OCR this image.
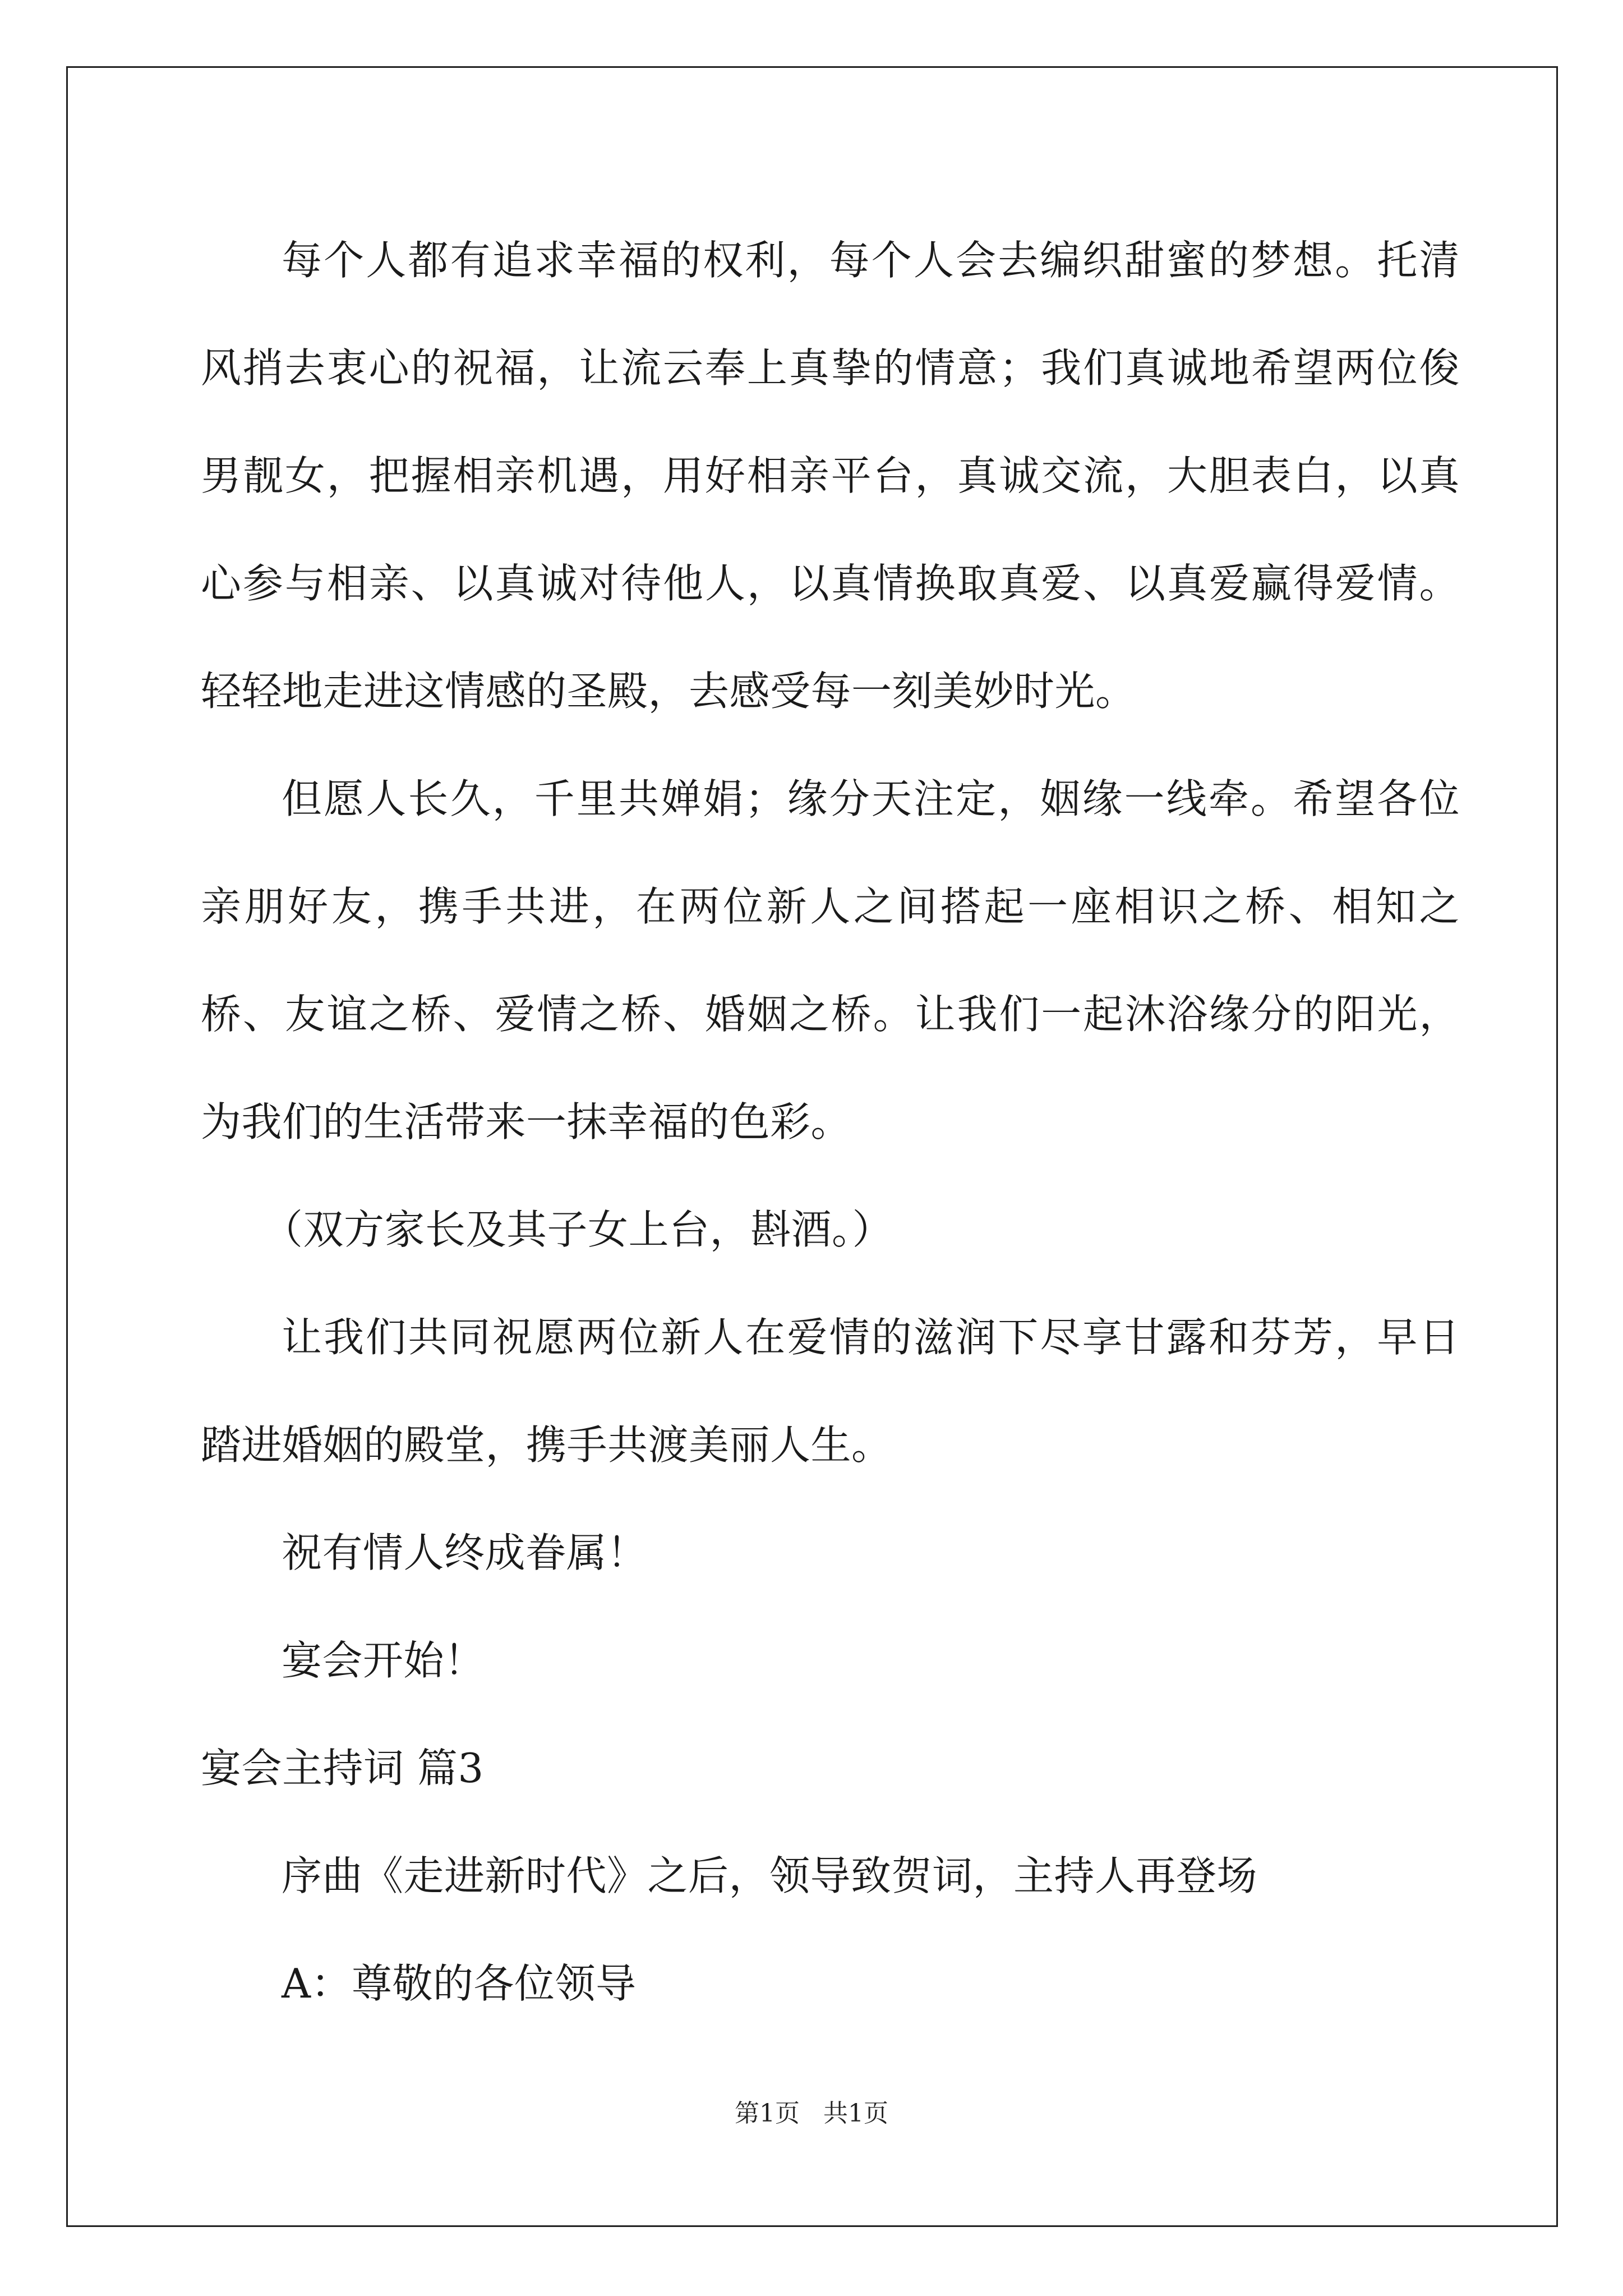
每个人都有追求幸福的权利，每个人会去编织甜蜜的梦想。托清风捎去衷心的祝福，让流云奉上真挚的情意；我们真诚地希望两位俊男靓女，把握相亲机遇，用好相亲平台，真诚交流，大胆表白，以真心参与相亲、以真诚对待他人，以真情换取真爱、以真爱赢得爱情。轻轻地走进这情感的圣殿，去感受每一刻美妙时光。

但愿人长久，千里共婵娟；缘分天注定，姻缘一线牵。希望各位亲朋好友，携手共进，在两位新人之间搭起一座相识之桥、相知之桥、友谊之桥、爱情之桥、婚姻之桥。让我们一起沐浴缘分的阳光，为我们的生活带来一抹幸福的色彩。

（双方家长及其子女上台，斟酒。）

让我们共同祝愿两位新人在爱情的滋润下尽享甘露和芬芳，早日踏进婚姻的殿堂，携手共渡美丽人生。

祝有情人终成眷属！

宴会开始！

宴会主持词 篇3

序曲《走进新时代》之后，领导致贺词，主持人再登场

A：尊敬的各位领导

第1页 共1页
